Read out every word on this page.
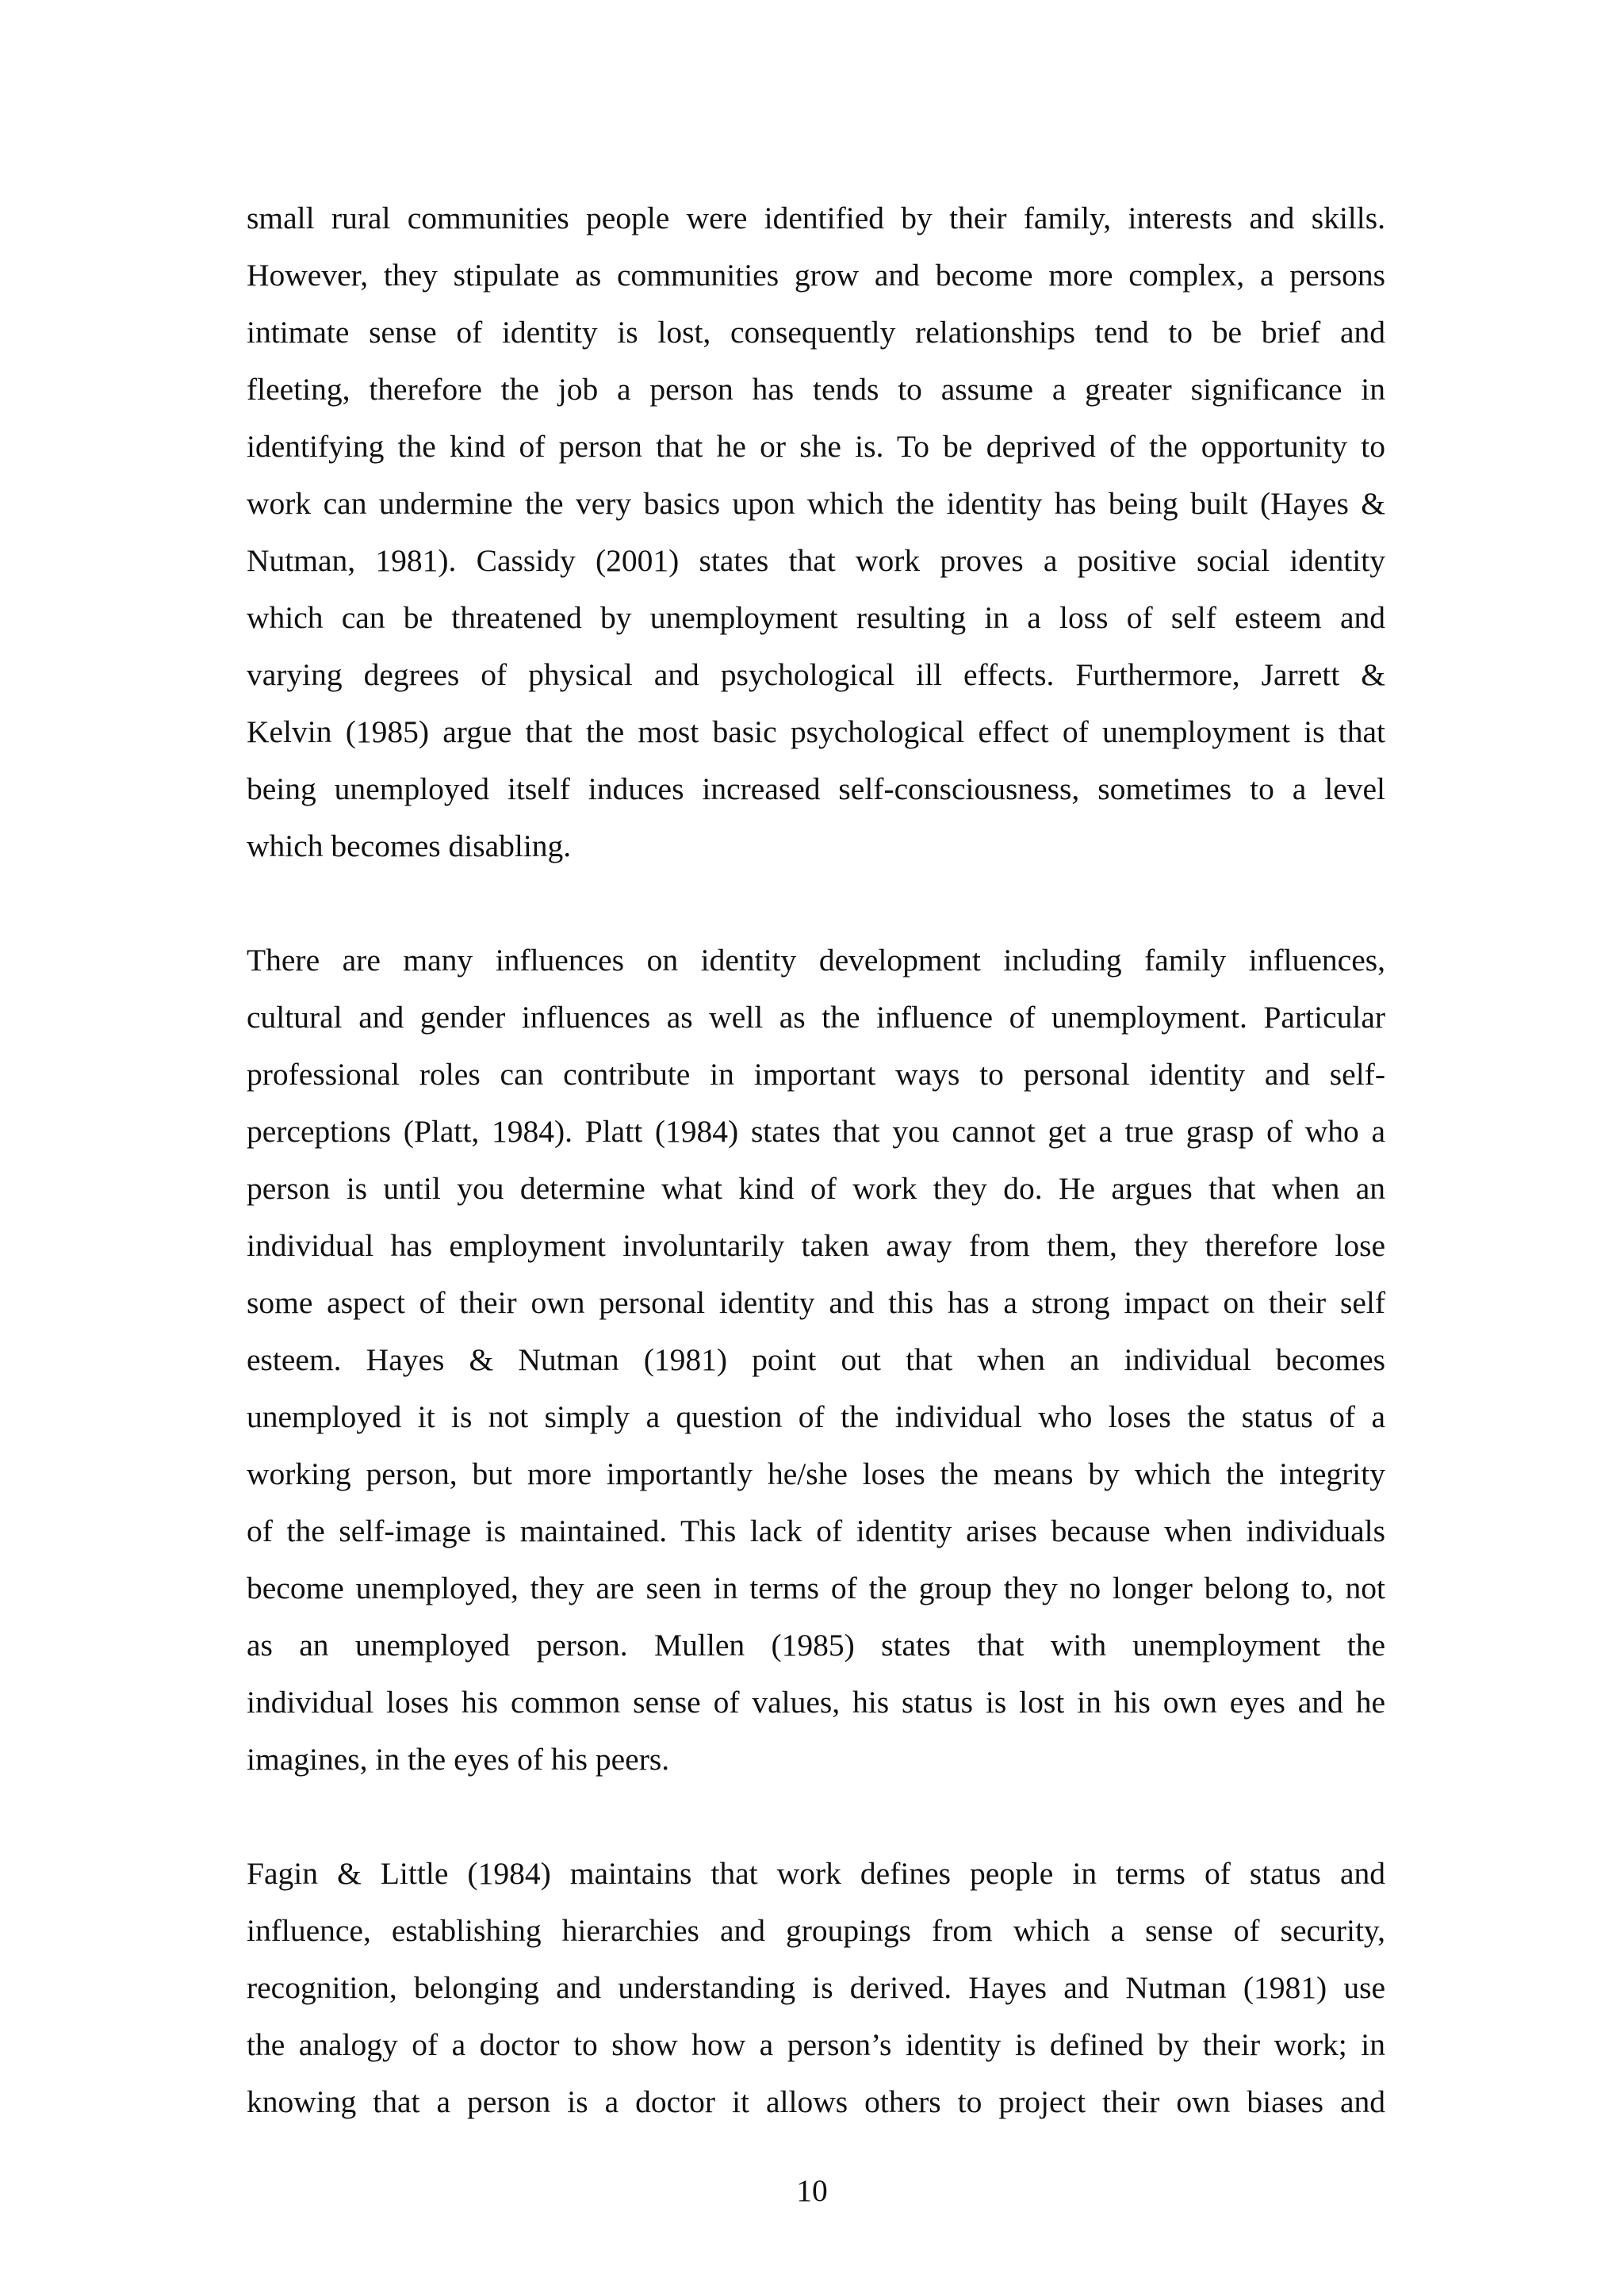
small rural communities people were identified by their family, interests and skills.
However, they stipulate as communities grow and become more complex, a persons
intimate sense of identity is lost, consequently relationships tend to be brief and
fleeting, therefore the job a person has tends to assume a greater significance in
identifying the kind of person that he or she is. To be deprived of the opportunity to
work can undermine the very basics upon which the identity has being built (Hayes &
Nutman, 1981). Cassidy (2001) states that work proves a positive social identity
which can be threatened by unemployment resulting in a loss of self esteem and
varying degrees of physical and psychological ill effects. Furthermore, Jarrett &
Kelvin (1985) argue that the most basic psychological effect of unemployment is that
being unemployed itself induces increased self-consciousness, sometimes to a level
which becomes disabling.

There are many influences on identity development including family influences,
cultural and gender influences as well as the influence of unemployment. Particular
professional roles can contribute in important ways to personal identity and self-
perceptions (Platt, 1984). Platt (1984) states that you cannot get a true grasp of who a
person is until you determine what kind of work they do. He argues that when an
individual has employment involuntarily taken away from them, they therefore lose
some aspect of their own personal identity and this has a strong impact on their self
esteem. Hayes & Nutman (1981) point out that when an individual becomes
unemployed it is not simply a question of the individual who loses the status of a
working person, but more importantly he/she loses the means by which the integrity
of the self-image is maintained. This lack of identity arises because when individuals
become unemployed, they are seen in terms of the group they no longer belong to, not
as an unemployed person. Mullen (1985) states that with unemployment the
individual loses his common sense of values, his status is lost in his own eyes and he
imagines, in the eyes of his peers.

Fagin & Little (1984) maintains that work defines people in terms of status and
influence, establishing hierarchies and groupings from which a sense of security,
recognition, belonging and understanding is derived. Hayes and Nutman (1981) use
the analogy of a doctor to show how a person’s identity is defined by their work; in
knowing that a person is a doctor it allows others to project their own biases and

10
